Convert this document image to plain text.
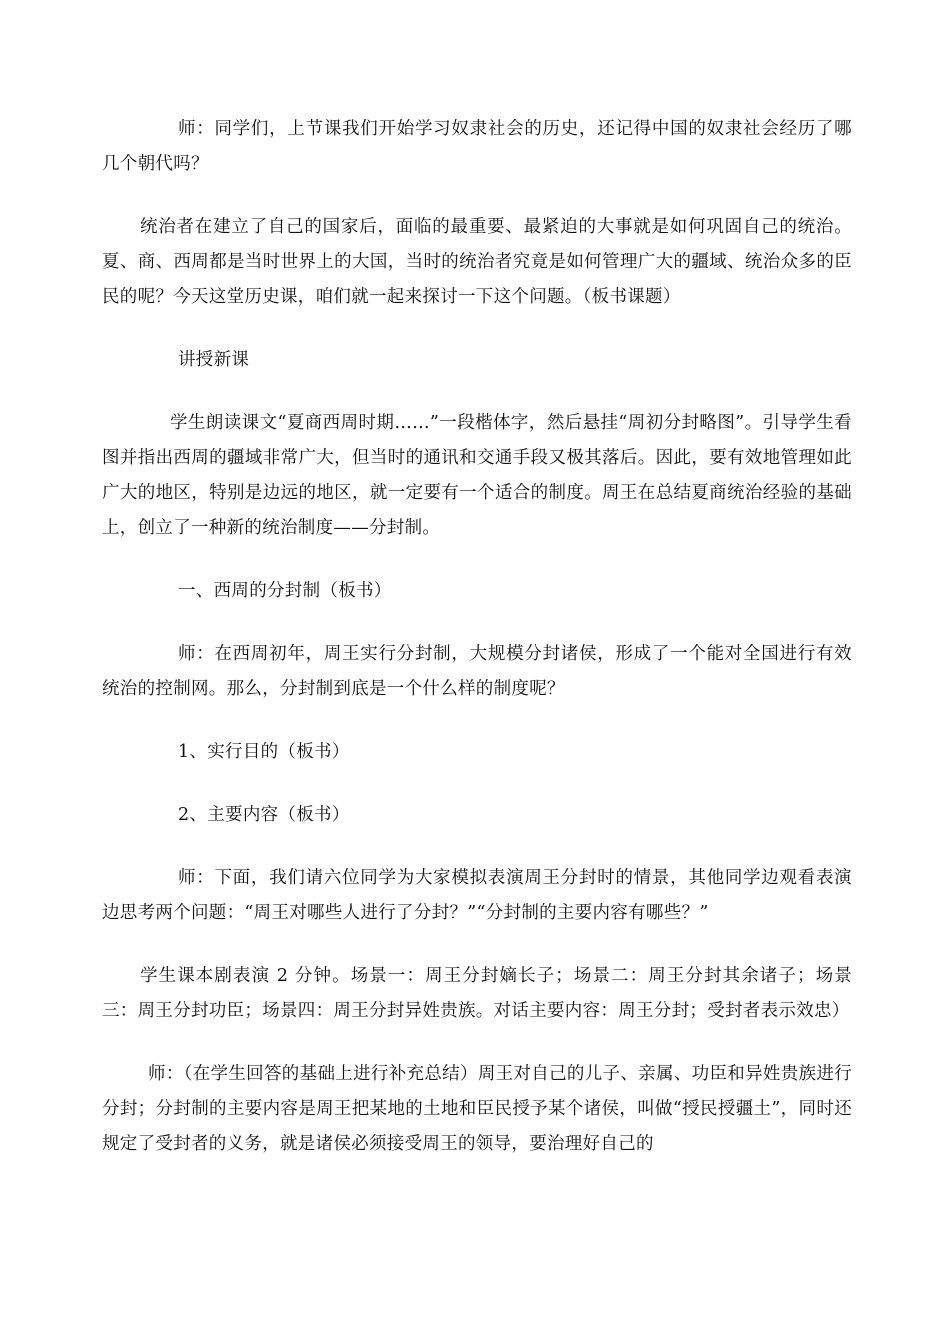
师：同学们，上节课我们开始学习奴隶社会的历史，还记得中国的奴隶社会经历了哪几个朝代吗？

统治者在建立了自己的国家后，面临的最重要、最紧迫的大事就是如何巩固自己的统治。夏、商、西周都是当时世界上的大国，当时的统治者究竟是如何管理广大的疆域、统治众多的臣民的呢？今天这堂历史课，咱们就一起来探讨一下这个问题。（板书课题）

讲授新课

学生朗读课文“夏商西周时期……”一段楷体字，然后悬挂“周初分封略图”。引导学生看图并指出西周的疆域非常广大，但当时的通讯和交通手段又极其落后。因此，要有效地管理如此广大的地区，特别是边远的地区，就一定要有一个适合的制度。周王在总结夏商统治经验的基础上，创立了一种新的统治制度——分封制。

一、西周的分封制（板书）

师：在西周初年，周王实行分封制，大规模分封诸侯，形成了一个能对全国进行有效统治的控制网。那么，分封制到底是一个什么样的制度呢？

1、实行目的（板书）

2、主要内容（板书）

师：下面，我们请六位同学为大家模拟表演周王分封时的情景，其他同学边观看表演边思考两个问题：“周王对哪些人进行了分封？”“分封制的主要内容有哪些？”

学生课本剧表演 2 分钟。场景一：周王分封嫡长子；场景二：周王分封其余诸子；场景三：周王分封功臣；场景四：周王分封异姓贵族。对话主要内容：周王分封；受封者表示效忠）

师：（在学生回答的基础上进行补充总结）周王对自己的儿子、亲属、功臣和异姓贵族进行分封；分封制的主要内容是周王把某地的土地和臣民授予某个诸侯，叫做“授民授疆土”，同时还规定了受封者的义务，就是诸侯必须接受周王的领导，要治理好自己的
